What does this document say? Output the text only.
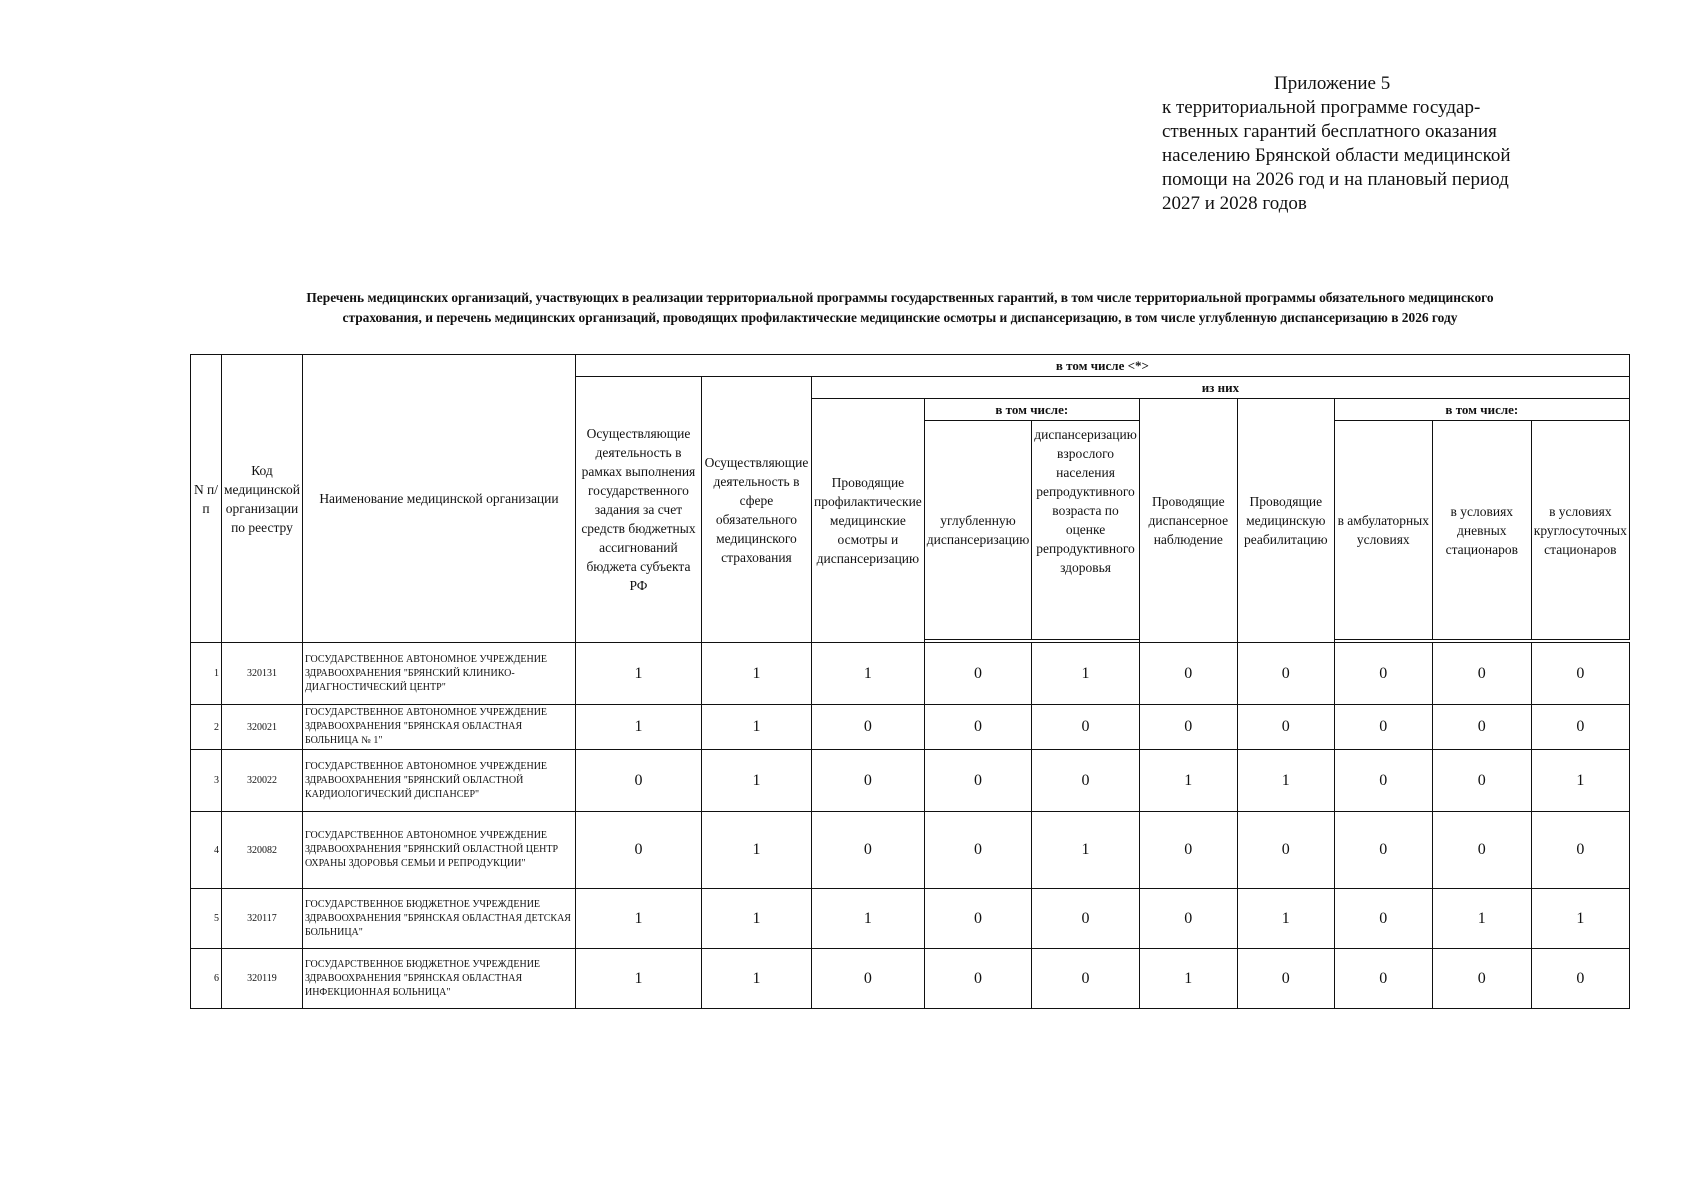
Приложение 5
к территориальной программе государ-
ственных гарантий бесплатного оказания
населению Брянской области медицинской
помощи на 2026 год и на плановый период
2027 и 2028 годов
Перечень медицинских организаций, участвующих в реализации территориальной программы государственных гарантий, в том числе территориальной программы обязательного медицинского
страхования, и перечень медицинских организаций, проводящих профилактические медицинские осмотры и диспансеризацию, в том числе углубленную диспансеризацию в 2026 году
N п/п	Код медицинской организации по реестру	Наименование медицинской организации	в том числе <*>									
			Осуществляющие деятельность в рамках выполнения государственного задания за счет средств бюджетных ассигнований бюджета субъекта РФ	Осуществляющие деятельность в сфере обязательного медицинского страхования	из них							
					Проводящие профилактические медицинские осмотры и диспансеризацию	в том числе:		Проводящие диспансерное наблюдение	Проводящие медицинскую реабилитацию	в том числе:		
						углубленную диспансеризацию	диспансеризацию взрослого населения репродуктивного возраста по оценке репродуктивного здоровья			в амбулаторных условиях	в условиях дневных стационаров	в условиях круглосуточных стационаров

1	320131	ГОСУДАРСТВЕННОЕ АВТОНОМНОЕ УЧРЕЖДЕНИЕ ЗДРАВООХРАНЕНИЯ "БРЯНСКИЙ КЛИНИКО-ДИАГНОСТИЧЕСКИЙ ЦЕНТР"	1	1	1	0	1	0	0	0	0	0
2	320021	ГОСУДАРСТВЕННОЕ АВТОНОМНОЕ УЧРЕЖДЕНИЕ ЗДРАВООХРАНЕНИЯ "БРЯНСКАЯ ОБЛАСТНАЯ БОЛЬНИЦА № 1"	1	1	0	0	0	0	0	0	0	0
3	320022	ГОСУДАРСТВЕННОЕ АВТОНОМНОЕ УЧРЕЖДЕНИЕ ЗДРАВООХРАНЕНИЯ "БРЯНСКИЙ ОБЛАСТНОЙ КАРДИОЛОГИЧЕСКИЙ ДИСПАНСЕР"	0	1	0	0	0	1	1	0	0	1
4	320082	ГОСУДАРСТВЕННОЕ АВТОНОМНОЕ УЧРЕЖДЕНИЕ ЗДРАВООХРАНЕНИЯ "БРЯНСКИЙ ОБЛАСТНОЙ ЦЕНТР ОХРАНЫ ЗДОРОВЬЯ СЕМЬИ И РЕПРОДУКЦИИ"	0	1	0	0	1	0	0	0	0	0
5	320117	ГОСУДАРСТВЕННОЕ БЮДЖЕТНОЕ УЧРЕЖДЕНИЕ ЗДРАВООХРАНЕНИЯ "БРЯНСКАЯ ОБЛАСТНАЯ ДЕТСКАЯ БОЛЬНИЦА"	1	1	1	0	0	0	1	0	1	1
6	320119	ГОСУДАРСТВЕННОЕ БЮДЖЕТНОЕ УЧРЕЖДЕНИЕ ЗДРАВООХРАНЕНИЯ "БРЯНСКАЯ ОБЛАСТНАЯ ИНФЕКЦИОННАЯ БОЛЬНИЦА"	1	1	0	0	0	1	0	0	0	0
